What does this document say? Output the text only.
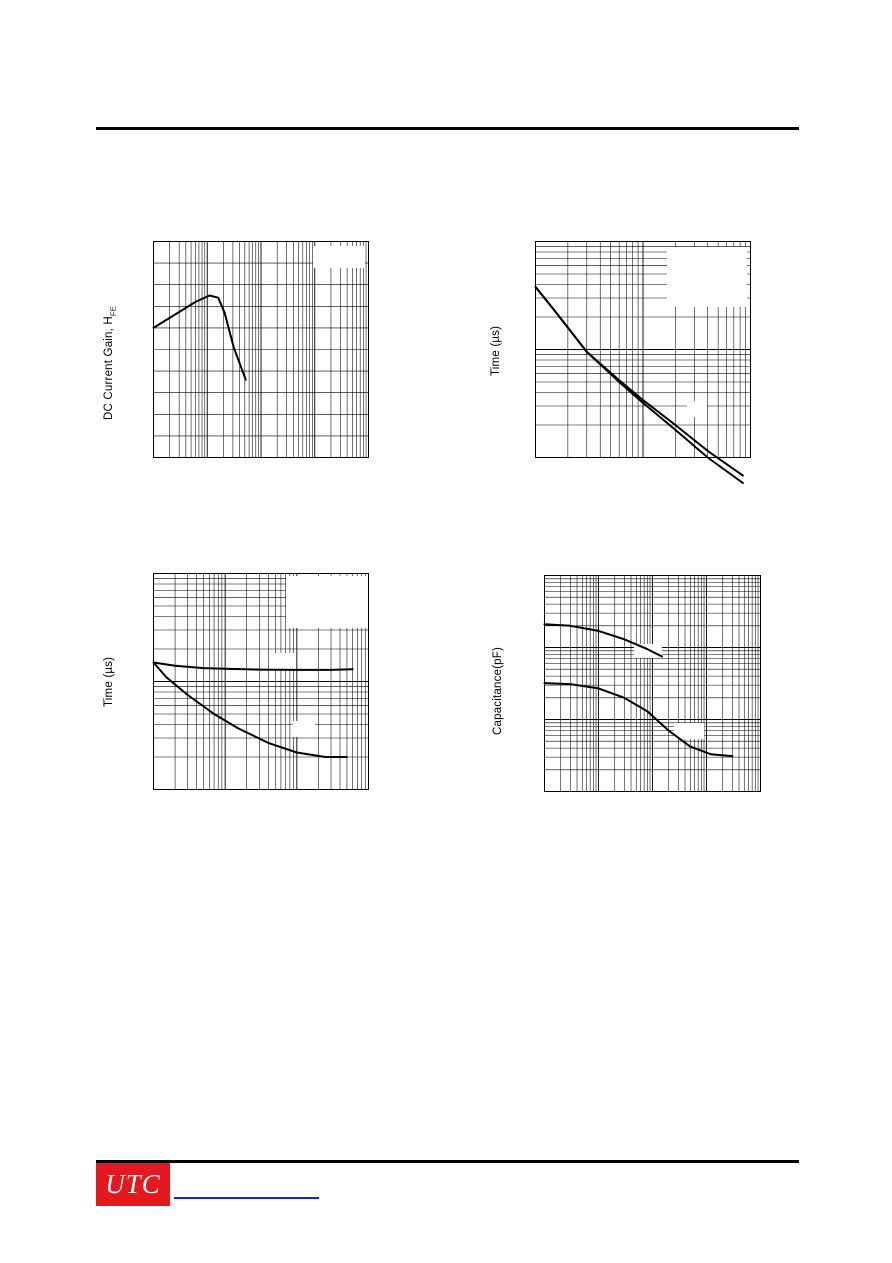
DC Current Gain, $H_{FE}$
Time (µs)
Time (µs)	Capacitance(pF)
UTC
